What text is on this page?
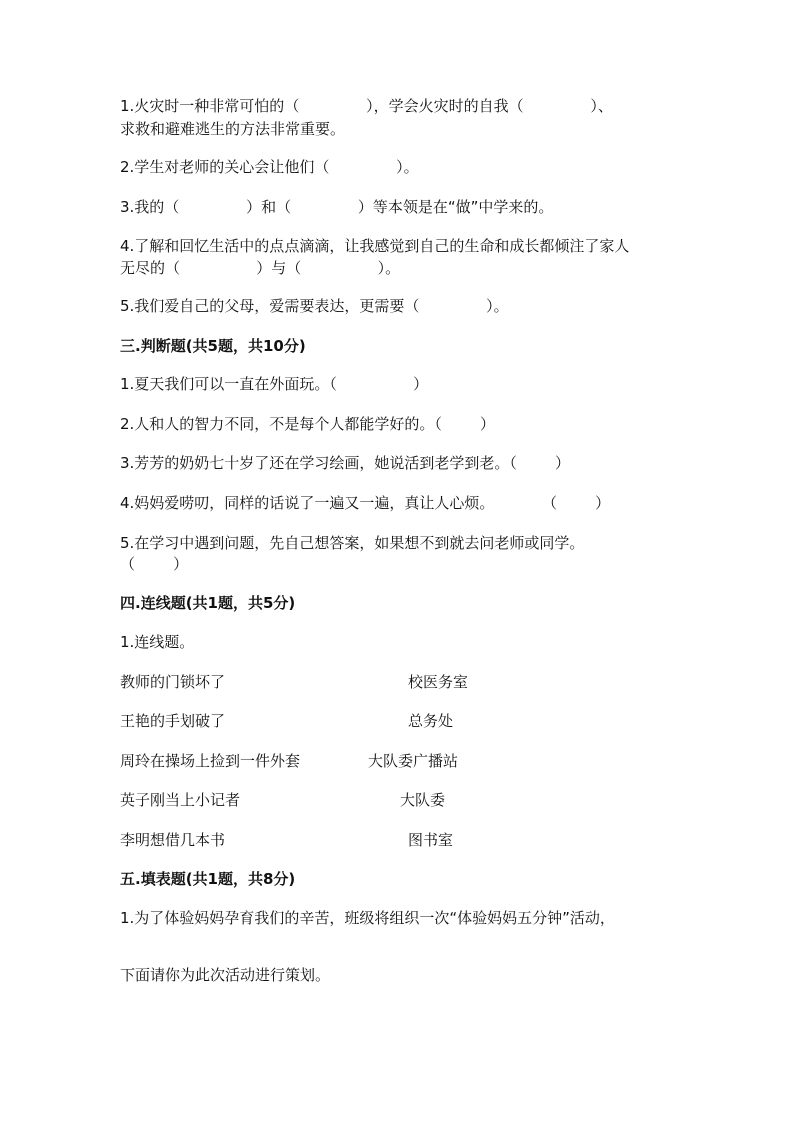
1.火灾时一种非常可怕的（              ），学会火灾时的自我（              ）、
求救和避难逃生的方法非常重要。
2.学生对老师的关心会让他们（              ）。
3.我的（              ）和（              ）等本领是在“做”中学来的。
4.了解和回忆生活中的点点滴滴，让我感觉到自己的生命和成长都倾注了家人
无尽的（                ）与（                ）。
5.我们爱自己的父母，爱需要表达，更需要（              ）。
三.判断题(共5题，共10分)
1.夏天我们可以一直在外面玩。（                ）
2.人和人的智力不同，不是每个人都能学好的。（        ）
3.芳芳的奶奶七十岁了还在学习绘画，她说活到老学到老。（        ）
4.妈妈爱唠叨，同样的话说了一遍又一遍，真让人心烦。          （        ）
5.在学习中遇到问题，先自己想答案，如果想不到就去问老师或同学。
（        ）
四.连线题(共1题，共5分)
1.连线题。
教师的门锁坏了	校医务室
王艳的手划破了	总务处
周玲在操场上捡到一件外套	大队委广播站
英子刚当上小记者	大队委
李明想借几本书	图书室
五.填表题(共1题，共8分)
1.为了体验妈妈孕育我们的辛苦，班级将组织一次“体验妈妈五分钟”活动，
下面请你为此次活动进行策划。
